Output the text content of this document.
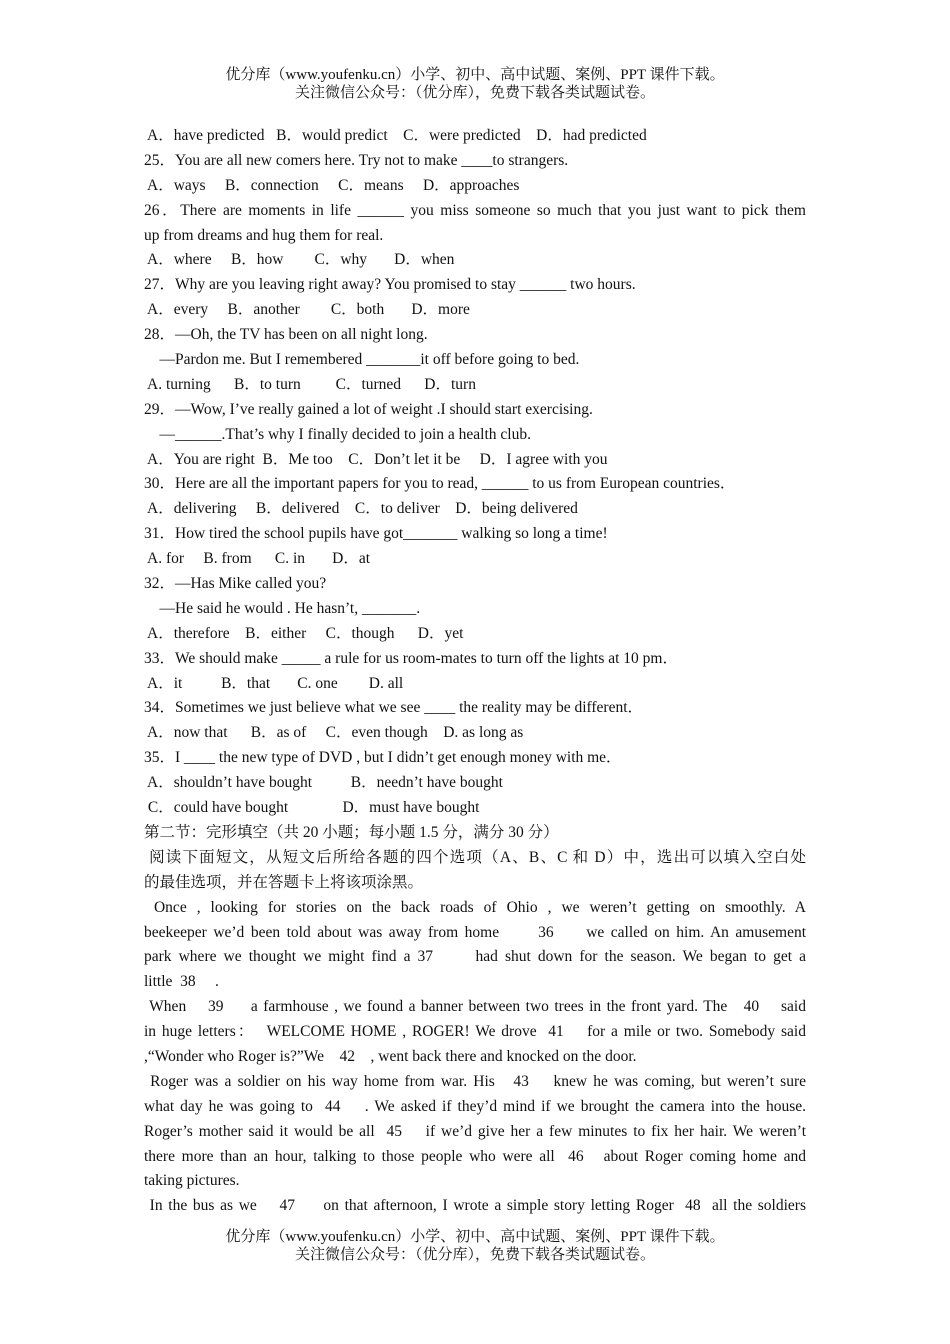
优分库（www.youfenku.cn）小学、初中、高中试题、案例、PPT 课件下载。
关注微信公众号：（优分库），免费下载各类试题试卷。
A．have predicted   B．would predict    C．were predicted    D．had predicted
25．You are all new comers here. Try not to make ____to strangers.
A．ways     B．connection     C．means     D．approaches
26．There are moments in life ______ you miss someone so much that you just want to pick them
up from dreams and hug them for real.
A．where     B．how        C．why       D．when
27．Why are you leaving right away? You promised to stay ______ two hours.
A．every     B．another        C．both       D．more
28．—Oh, the TV has been on all night long.
—Pardon me. But I remembered _______it off before going to bed.
A. turning      B．to turn         C．turned      D．turn
29．—Wow, I’ve really gained a lot of weight .I should start exercising.
—______.That’s why I finally decided to join a health club.
A．You are right  B．Me too    C．Don’t let it be     D．I agree with you
30．Here are all the important papers for you to read, ______ to us from European countries．
A．delivering     B．delivered    C．to deliver    D．being delivered
31．How tired the school pupils have got_______ walking so long a time!
A. for     B. from      C. in       D．at
32．—Has Mike called you?
—He said he would . He hasn’t, _______.
A．therefore    B．either     C．though      D．yet
33．We should make _____ a rule for us room-mates to turn off the lights at 10 pm．
A．it          B．that       C. one        D. all
34．Sometimes we just believe what we see ____ the reality may be different．
A．now that      B．as of     C．even though    D. as long as
35．I ____ the new type of DVD , but I didn’t get enough money with me．
A．shouldn’t have bought          B．needn’t have bought
C．could have bought              D．must have bought
第二节：完形填空（共 20 小题；每小题 1.5 分，满分 30 分）
阅读下面短文，从短文后所给各题的四个选项（A、B、C 和 D）中，选出可以填入空白处
的最佳选项，并在答题卡上将该项涂黑。
Once , looking for stories on the back roads of Ohio , we weren’t getting on smoothly. A
beekeeper we’d been told about was away from home      36     we called on him. An amusement
park where we thought we might find a 37      had shut down for the season. We began to get a
little  38     .
When    39     a farmhouse , we found a banner between two trees in the front yard. The   40    said
in huge letters：  WELCOME HOME , ROGER! We drove  41    for a mile or two. Somebody said
,“Wonder who Roger is?”We    42    , went back there and knocked on the door.
Roger was a soldier on his way home from war. His   43    knew he was coming, but weren’t sure
what day he was going to  44    . We asked if they’d mind if we brought the camera into the house.
Roger’s mother said it would be all  45    if we’d give her a few minutes to fix her hair. We weren’t
there more than an hour, talking to those people who were all  46   about Roger coming home and
taking pictures.
In the bus as we    47     on that afternoon, I wrote a simple story letting Roger  48  all the soldiers
优分库（www.youfenku.cn）小学、初中、高中试题、案例、PPT 课件下载。
关注微信公众号：（优分库），免费下载各类试题试卷。
